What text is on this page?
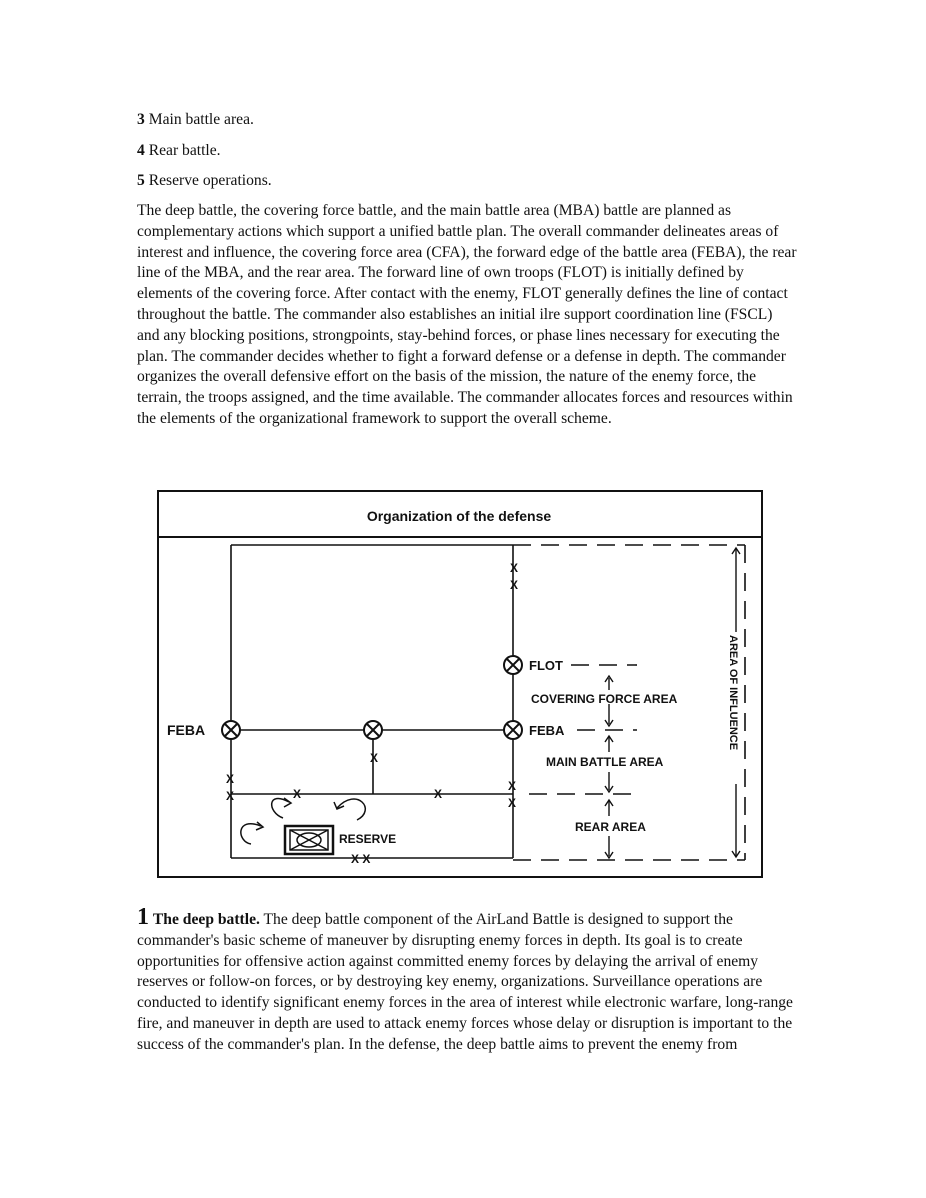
3 Main battle area.
4 Rear battle.
5 Reserve operations.
The deep battle, the covering force battle, and the main battle area (MBA) battle are planned as complementary actions which support a unified battle plan. The overall commander delineates areas of interest and influence, the covering force area (CFA), the forward edge of the battle area (FEBA), the rear line of the MBA, and the rear area. The forward line of own troops (FLOT) is initially defined by elements of the covering force. After contact with the enemy, FLOT generally defines the line of contact throughout the battle. The commander also establishes an initial ilre support coordination line (FSCL) and any blocking positions, strongpoints, stay-behind forces, or phase lines necessary for executing the plan. The commander decides whether to fight a forward defense or a defense in depth. The commander organizes the overall defensive effort on the basis of the mission, the nature of the enemy force, the terrain, the troops assigned, and the time available. The commander allocates forces and resources within the elements of the organizational framework to support the overall scheme.
Organization of the defense
X
X
X
X
X
X	X
X
X
X X
FLOT
COVERING FORCE AREA
FEBA	FEBA
MAIN BATTLE AREA
REAR AREA
AREA OF INFLUENCE
RESERVE
1 The deep battle. The deep battle component of the AirLand Battle is designed to support the commander's basic scheme of maneuver by disrupting enemy forces in depth. Its goal is to create opportunities for offensive action against committed enemy forces by delaying the arrival of enemy reserves or follow-on forces, or by destroying key enemy, organizations. Surveillance operations are conducted to identify significant enemy forces in the area of interest while electronic warfare, long-range fire, and maneuver in depth are used to attack enemy forces whose delay or disruption is important to the success of the commander's plan. In the defense, the deep battle aims to prevent the enemy from
